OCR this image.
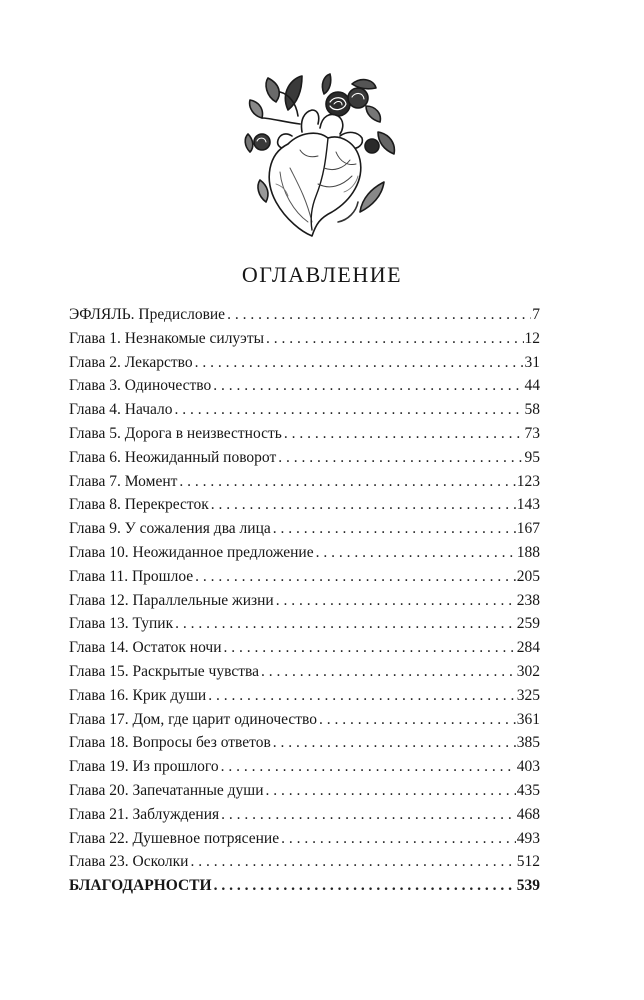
ОГЛАВЛЕНИЕ
ЭФЛЯЛЬ. Предисловие . . .	7
Глава 1. Незнакомые силуэты . . .	12
Глава 2. Лекарство . . .	31
Глава 3. Одиночество . . .	44
Глава 4. Начало . . .	58
Глава 5. Дорога в неизвестность . . .	73
Глава 6. Неожиданный поворот . . .	95
Глава 7. Момент . . .	123
Глава 8. Перекресток . . .	143
Глава 9. У сожаления два лица . . .	167
Глава 10. Неожиданное предложение . . .	188
Глава 11. Прошлое . . .	205
Глава 12. Параллельные жизни . . .	238
Глава 13. Тупик . . .	259
Глава 14. Остаток ночи . . .	284
Глава 15. Раскрытые чувства . . .	302
Глава 16. Крик души . . .	325
Глава 17. Дом, где царит одиночество . . .	361
Глава 18. Вопросы без ответов . . .	385
Глава 19. Из прошлого . . .	403
Глава 20. Запечатанные души . . .	435
Глава 21. Заблуждения . . .	468
Глава 22. Душевное потрясение . . .	493
Глава 23. Осколки . . .	512
БЛАГОДАРНОСТИ . . .	539
